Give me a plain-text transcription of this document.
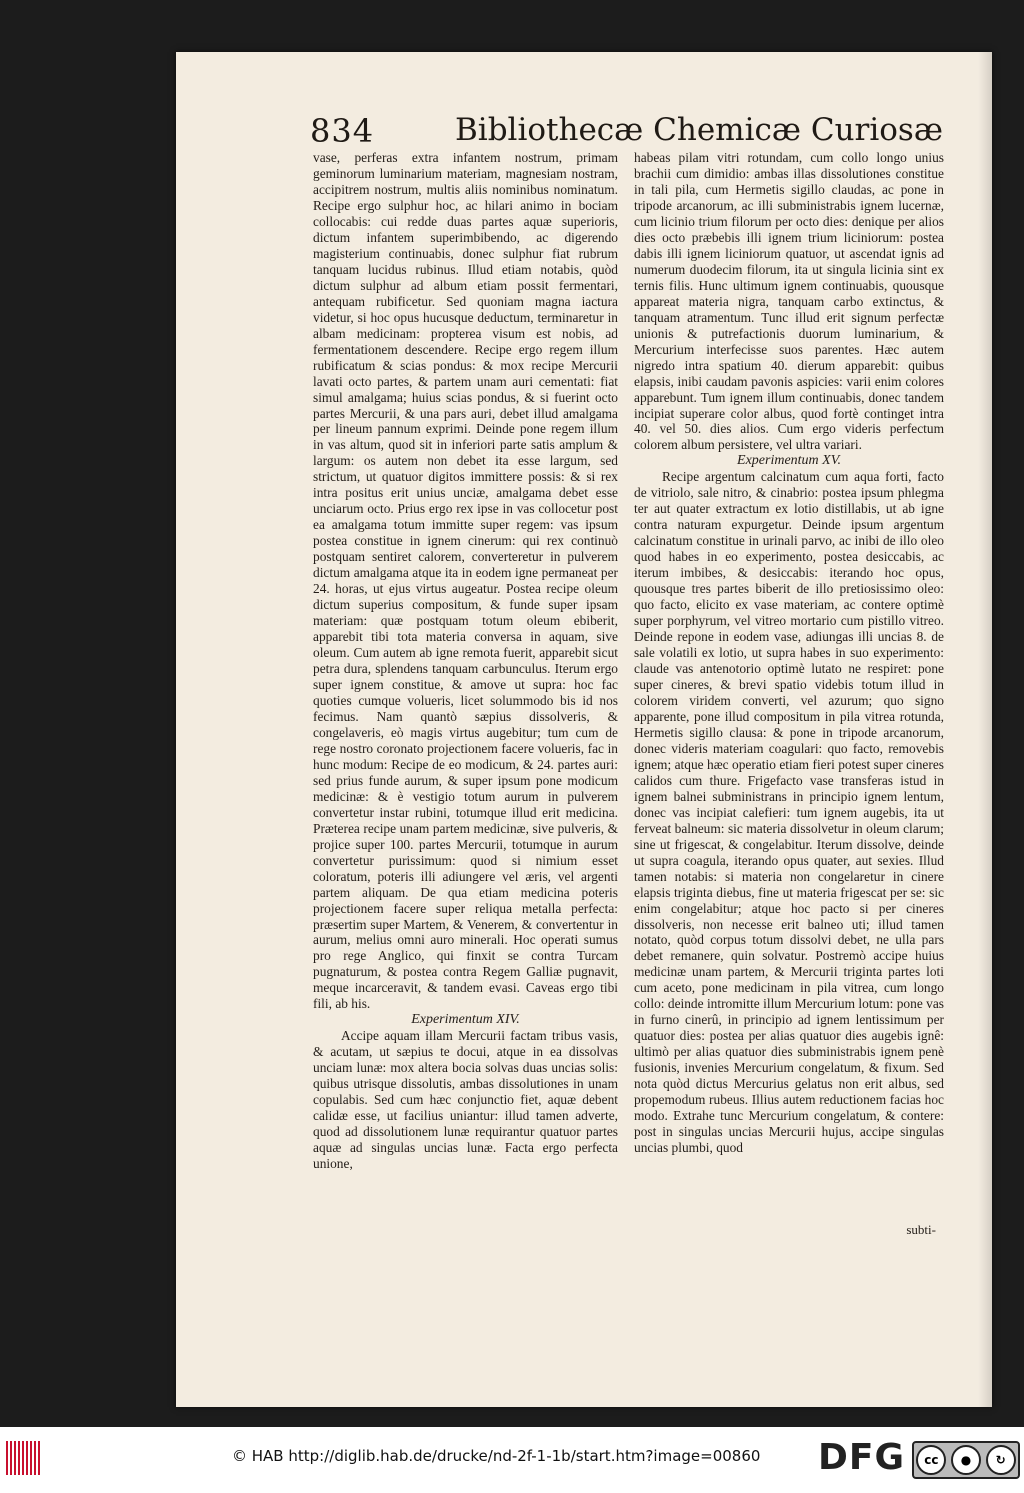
834	Bibliothecæ Chemicæ Curiosæ

vase, perferas extra infantem nostrum, primam geminorum luminarium materiam, magnesiam nostram, accipitrem nostrum, multis aliis nominibus nominatum. Recipe ergo sulphur hoc, ac hilari animo in bociam collocabis: cui redde duas partes aquæ superioris, dictum infantem superimbibendo, ac digerendo magisterium continuabis, donec sulphur fiat rubrum tanquam lucidus rubinus. Illud etiam notabis, quòd dictum sulphur ad album etiam possit fermentari, antequam rubificetur. Sed quoniam magna iactura videtur, si hoc opus hucusque deductum, terminaretur in albam medicinam: propterea visum est nobis, ad fermentationem descendere. Recipe ergo regem illum rubificatum & scias pondus: & mox recipe Mercurii lavati octo partes, & partem unam auri cementati: fiat simul amalgama; huius scias pondus, & si fuerint octo partes Mercurii, & una pars auri, debet illud amalgama per lineum pannum exprimi. Deinde pone regem illum in vas altum, quod sit in inferiori parte satis amplum & largum: os autem non debet ita esse largum, sed strictum, ut quatuor digitos immittere possis: & si rex intra positus erit unius unciæ, amalgama debet esse unciarum octo. Prius ergo rex ipse in vas collocetur post ea amalgama totum immitte super regem: vas ipsum postea constitue in ignem cinerum: qui rex continuò postquam sentiret calorem, converteretur in pulverem dictum amalgama atque ita in eodem igne permaneat per 24. horas, ut ejus virtus augeatur. Postea recipe oleum dictum superius compositum, & funde super ipsam materiam: quæ postquam totum oleum ebiberit, apparebit tibi tota materia conversa in aquam, sive oleum. Cum autem ab igne remota fuerit, apparebit sicut petra dura, splendens tanquam carbunculus. Iterum ergo super ignem constitue, & amove ut supra: hoc fac quoties cumque volueris, licet solummodo bis id nos fecimus. Nam quantò sæpius dissolveris, & congelaveris, eò magis virtus augebitur; tum cum de rege nostro coronato projectionem facere volueris, fac in hunc modum: Recipe de eo modicum, & 24. partes auri: sed prius funde aurum, & super ipsum pone modicum medicinæ: & è vestigio totum aurum in pulverem convertetur instar rubini, totumque illud erit medicina. Præterea recipe unam partem medicinæ, sive pulveris, & projice super 100. partes Mercurii, totumque in aurum convertetur purissimum: quod si nimium esset coloratum, poteris illi adiungere vel æris, vel argenti partem aliquam. De qua etiam medicina poteris projectionem facere super reliqua metalla perfecta: præsertim super Martem, & Venerem, & convertentur in aurum, melius omni auro minerali. Hoc operati sumus pro rege Anglico, qui finxit se contra Turcam pugnaturum, & postea contra Regem Galliæ pugnavit, meque incarceravit, & tandem evasi. Caveas ergo tibi fili, ab his.

Experimentum XIV.

Accipe aquam illam Mercurii factam tribus vasis, & acutam, ut sæpius te docui, atque in ea dissolvas unciam lunæ: mox altera bocia solvas duas uncias solis: quibus utrisque dissolutis, ambas dissolutiones in unam copulabis. Sed cum hæc conjunctio fiet, aquæ debent calidæ esse, ut facilius uniantur: illud tamen adverte, quod ad dissolutionem lunæ requirantur quatuor partes aquæ ad singulas uncias lunæ. Facta ergo perfecta unione,

habeas pilam vitri rotundam, cum collo longo unius brachii cum dimidio: ambas illas dissolutiones constitue in tali pila, cum Hermetis sigillo claudas, ac pone in tripode arcanorum, ac illi subministrabis ignem lucernæ, cum licinio trium filorum per octo dies: denique per alios dies octo præbebis illi ignem trium liciniorum: postea dabis illi ignem liciniorum quatuor, ut ascendat ignis ad numerum duodecim filorum, ita ut singula licinia sint ex ternis filis. Hunc ultimum ignem continuabis, quousque appareat materia nigra, tanquam carbo extinctus, & tanquam atramentum. Tunc illud erit signum perfectæ unionis & putrefactionis duorum luminarium, & Mercurium interfecisse suos parentes. Hæc autem nigredo intra spatium 40. dierum apparebit: quibus elapsis, inibi caudam pavonis aspicies: varii enim colores apparebunt. Tum ignem illum continuabis, donec tandem incipiat superare color albus, quod fortè continget intra 40. vel 50. dies alios. Cum ergo videris perfectum colorem album persistere, vel ultra variari.

Experimentum XV.

Recipe argentum calcinatum cum aqua forti, facto de vitriolo, sale nitro, & cinabrio: postea ipsum phlegma ter aut quater extractum ex lotio distillabis, ut ab igne contra naturam expurgetur. Deinde ipsum argentum calcinatum constitue in urinali parvo, ac inibi de illo oleo quod habes in eo experimento, postea desiccabis, ac iterum imbibes, & desiccabis: iterando hoc opus, quousque tres partes biberit de illo pretiosissimo oleo: quo facto, elicito ex vase materiam, ac contere optimè super porphyrum, vel vitreo mortario cum pistillo vitreo. Deinde repone in eodem vase, adiungas illi uncias 8. de sale volatili ex lotio, ut supra habes in suo experimento: claude vas antenotorio optimè lutato ne respiret: pone super cineres, & brevi spatio videbis totum illud in colorem viridem converti, vel azurum; quo signo apparente, pone illud compositum in pila vitrea rotunda, Hermetis sigillo clausa: & pone in tripode arcanorum, donec videris materiam coagulari: quo facto, removebis ignem; atque hæc operatio etiam fieri potest super cineres calidos cum thure. Frigefacto vase transferas istud in ignem balnei subministrans in principio ignem lentum, donec vas incipiat calefieri: tum ignem augebis, ita ut ferveat balneum: sic materia dissolvetur in oleum clarum; sine ut frigescat, & congelabitur. Iterum dissolve, deinde ut supra coagula, iterando opus quater, aut sexies. Illud tamen notabis: si materia non congelaretur in cinere elapsis triginta diebus, fine ut materia frigescat per se: sic enim congelabitur; atque hoc pacto si per cineres dissolveris, non necesse erit balneo uti; illud tamen notato, quòd corpus totum dissolvi debet, ne ulla pars debet remanere, quin solvatur. Postremò accipe huius medicinæ unam partem, & Mercurii triginta partes loti cum aceto, pone medicinam in pila vitrea, cum longo collo: deinde intromitte illum Mercurium lotum: pone vas in furno cinerû, in principio ad ignem lentissimum per quatuor dies: postea per alias quatuor dies augebis ignê: ultimò per alias quatuor dies subministrabis ignem penè fusionis, invenies Mercurium congelatum, & fixum. Sed nota quòd dictus Mercurius gelatus non erit albus, sed propemodum rubeus. Illius autem reductionem facias hoc modo. Extrahe tunc Mercurium congelatum, & contere: post in singulas uncias Mercurii hujus, accipe singulas uncias plumbi, quod

subti-
© HAB http://diglib.hab.de/drucke/nd-2f-1-1b/start.htm?image=00860 DFG	cc	●	↻
